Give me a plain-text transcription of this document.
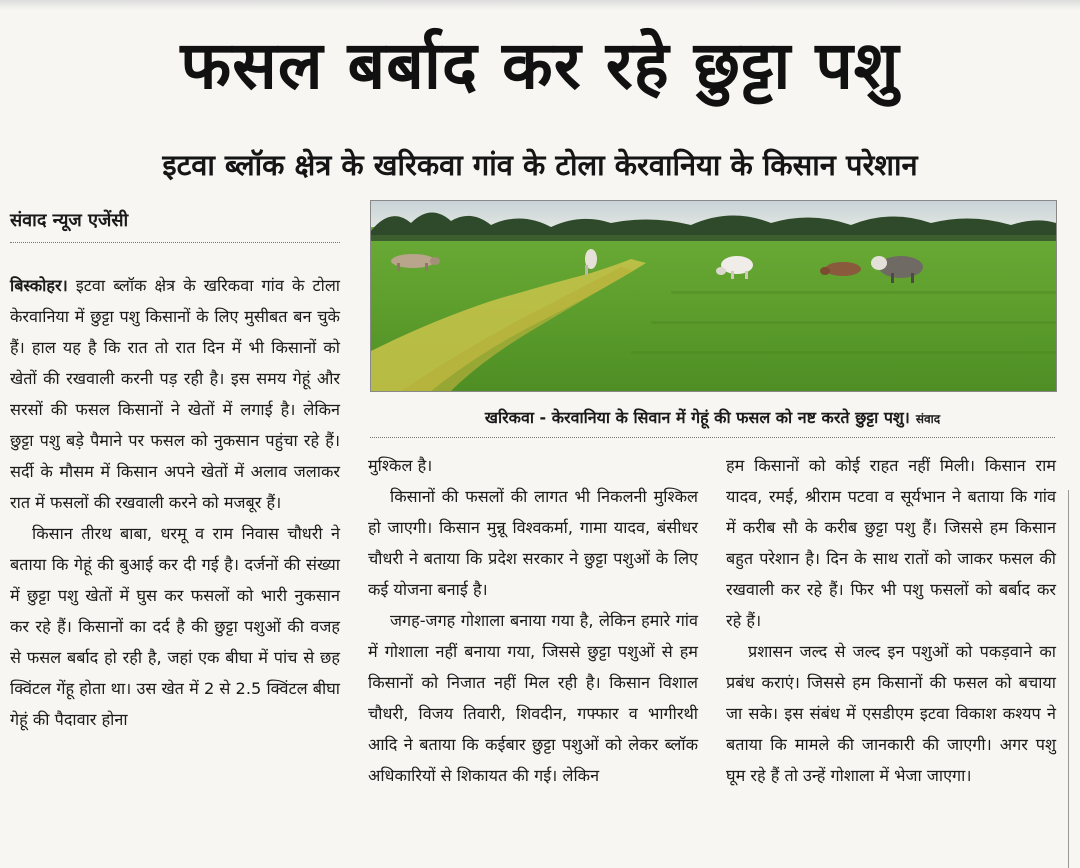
फसल बर्बाद कर रहे छुट्टा पशु
इटवा ब्लॉक क्षेत्र के खरिकवा गांव के टोला केरवानिया के किसान परेशान
संवाद न्यूज एजेंसी

बिस्कोहर। इटवा ब्लॉक क्षेत्र के खरिकवा गांव के टोला केरवानिया में छुट्टा पशु किसानों के लिए मुसीबत बन चुके हैं। हाल यह है कि रात तो रात दिन में भी किसानों को खेतों की रखवाली करनी पड़ रही है। इस समय गेहूं और सरसों की फसल किसानों ने खेतों में लगाई है। लेकिन छुट्टा पशु बड़े पैमाने पर फसल को नुकसान पहुंचा रहे हैं। सर्दी के मौसम में किसान अपने खेतों में अलाव जलाकर रात में फसलों की रखवाली करने को मजबूर हैं।

किसान तीरथ बाबा, धरमू व राम निवास चौधरी ने बताया कि गेहूं की बुआई कर दी गई है। दर्जनों की संख्या में छुट्टा पशु खेतों में घुस कर फसलों को भारी नुकसान कर रहे हैं। किसानों का दर्द है की छुट्टा पशुओं की वजह से फसल बर्बाद हो रही है, जहां एक बीघा में पांच से छह क्विंटल गेंहू होता था। उस खेत में 2 से 2.5 क्विंटल बीघा गेहूं की पैदावार होना

खरिकवा - केरवानिया के सिवान में गेहूं की फसल को नष्ट करते छुट्टा पशु। संवाद

मुश्किल है।

किसानों की फसलों की लागत भी निकलनी मुश्किल हो जाएगी। किसान मुन्नू विश्वकर्मा, गामा यादव, बंसीधर चौधरी ने बताया कि प्रदेश सरकार ने छुट्टा पशुओं के लिए कई योजना बनाई है।

जगह-जगह गोशाला बनाया गया है, लेकिन हमारे गांव में गोशाला नहीं बनाया गया, जिससे छुट्टा पशुओं से हम किसानों को निजात नहीं मिल रही है। किसान विशाल चौधरी, विजय तिवारी, शिवदीन, गफ्फार व भागीरथी आदि ने बताया कि कईबार छुट्टा पशुओं को लेकर ब्लॉक अधिकारियों से शिकायत की गई। लेकिन

हम किसानों को कोई राहत नहीं मिली। किसान राम यादव, रमई, श्रीराम पटवा व सूर्यभान ने बताया कि गांव में करीब सौ के करीब छुट्टा पशु हैं। जिससे हम किसान बहुत परेशान है। दिन के साथ रातों को जाकर फसल की रखवाली कर रहे हैं। फिर भी पशु फसलों को बर्बाद कर रहे हैं।

प्रशासन जल्द से जल्द इन पशुओं को पकड़वाने का प्रबंध कराएं। जिससे हम किसानों की फसल को बचाया जा सके। इस संबंध में एसडीएम इटवा विकाश कश्यप ने बताया कि मामले की जानकारी की जाएगी। अगर पशु घूम रहे हैं तो उन्हें गोशाला में भेजा जाएगा।
